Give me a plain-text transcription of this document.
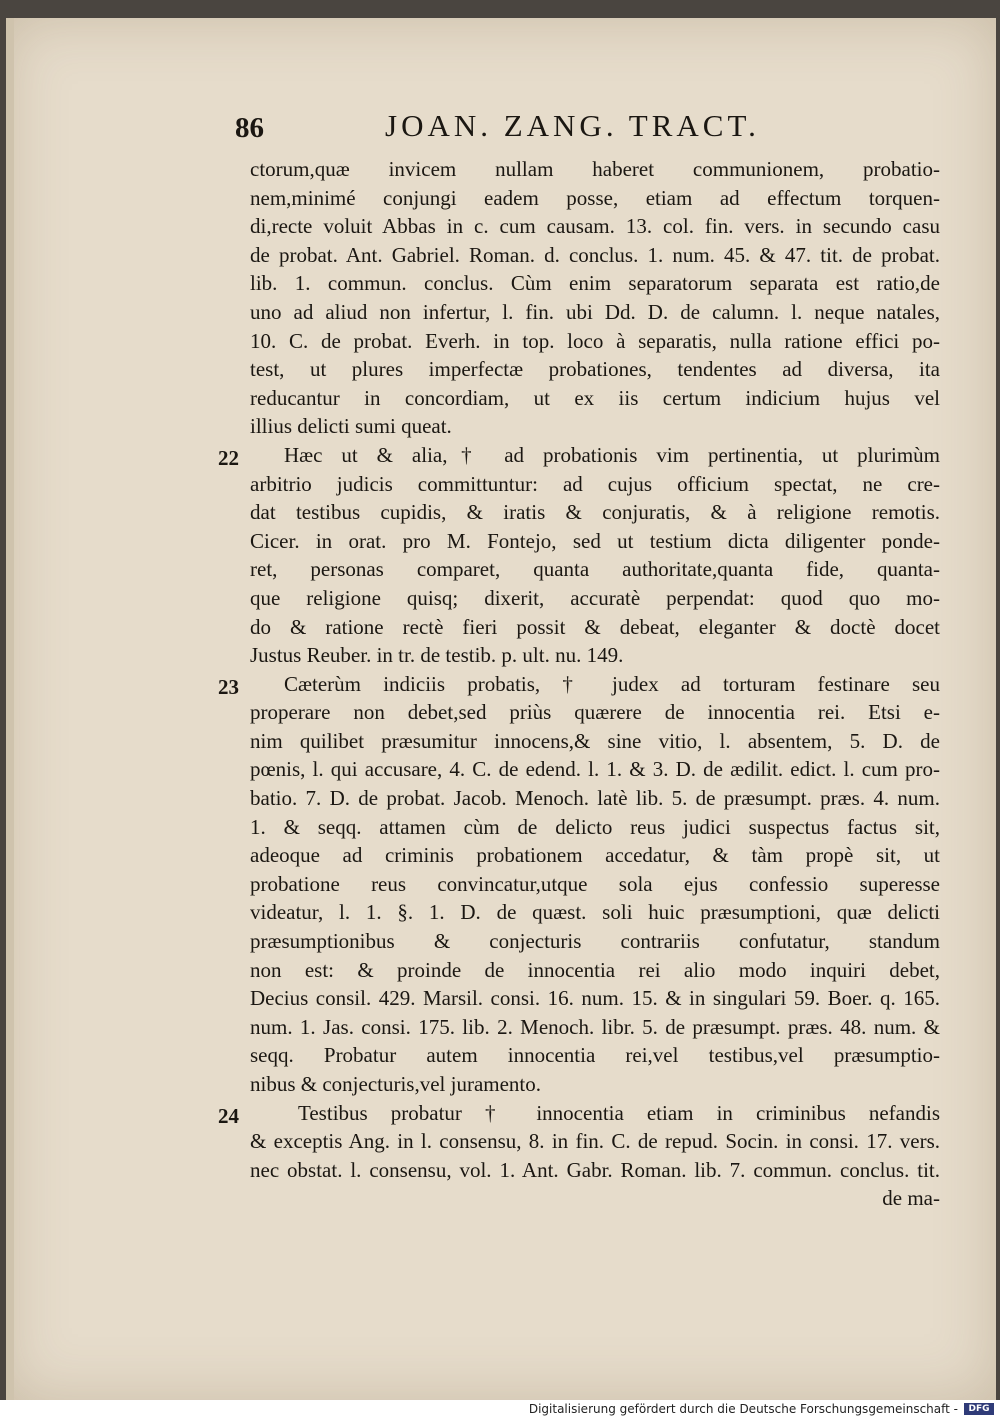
86	JOAN. ZANG. TRACT.
22
23
24
ctorum,quæ invicem nullam haberet communionem, probatio-
nem,minimé conjungi eadem posse, etiam ad effectum torquen-
di,recte voluit Abbas in c. cum causam. 13. col. fin. vers. in secundo casu
de probat. Ant. Gabriel. Roman. d. conclus. 1. num. 45. & 47. tit. de probat.
lib. 1. commun. conclus. Cùm enim separatorum separata est ratio,de
uno ad aliud non infertur, l. fin. ubi Dd. D. de calumn. l. neque natales,
10. C. de probat. Everh. in top. loco à separatis, nulla ratione effici po-
test, ut plures imperfectæ probationes, tendentes ad diversa, ita
reducantur in concordiam, ut ex iis certum indicium hujus vel
illius delicti sumi queat.
Hæc ut & alia,† ad probationis vim pertinentia, ut plurimùm
arbitrio judicis committuntur: ad cujus officium spectat, ne cre-
dat testibus cupidis, & iratis & conjuratis, & à religione remotis.
Cicer. in orat. pro M. Fontejo, sed ut testium dicta diligenter ponde-
ret, personas comparet, quanta authoritate,quanta fide, quanta-
que religione quisq; dixerit, accuratè perpendat: quod quo mo-
do & ratione rectè fieri possit & debeat, eleganter & doctè docet
Justus Reuber. in tr. de testib. p. ult. nu. 149.
Cæterùm indiciis probatis, † judex ad torturam festinare seu
properare non debet,sed priùs quærere de innocentia rei. Etsi e-
nim quilibet præsumitur innocens,& sine vitio, l. absentem, 5. D. de
pœnis, l. qui accusare, 4. C. de edend. l. 1. & 3. D. de ædilit. edict. l. cum pro-
batio. 7. D. de probat. Jacob. Menoch. latè lib. 5. de præsumpt. præs. 4. num.
1. & seqq. attamen cùm de delicto reus judici suspectus factus sit,
adeoque ad criminis probationem accedatur, & tàm propè sit, ut
probatione reus convincatur,utque sola ejus confessio superesse
videatur, l. 1. §. 1. D. de quæst. soli huic præsumptioni, quæ delicti
præsumptionibus & conjecturis contrariis confutatur, standum
non est: & proinde de innocentia rei alio modo inquiri debet,
Decius consil. 429. Marsil. consi. 16. num. 15. & in singulari 59. Boer. q. 165.
num. 1. Jas. consi. 175. lib. 2. Menoch. libr. 5. de præsumpt. præs. 48. num. &
seqq. Probatur autem innocentia rei,vel testibus,vel præsumptio-
nibus & conjecturis,vel juramento.
Testibus probatur † innocentia etiam in criminibus nefandis
& exceptis Ang. in l. consensu, 8. in fin. C. de repud. Socin. in consi. 17. vers.
nec obstat. l. consensu, vol. 1. Ant. Gabr. Roman. lib. 7. commun. conclus. tit.
de ma-
Digitalisierung gefördert durch die Deutsche Forschungsgemeinschaft -	DFG
